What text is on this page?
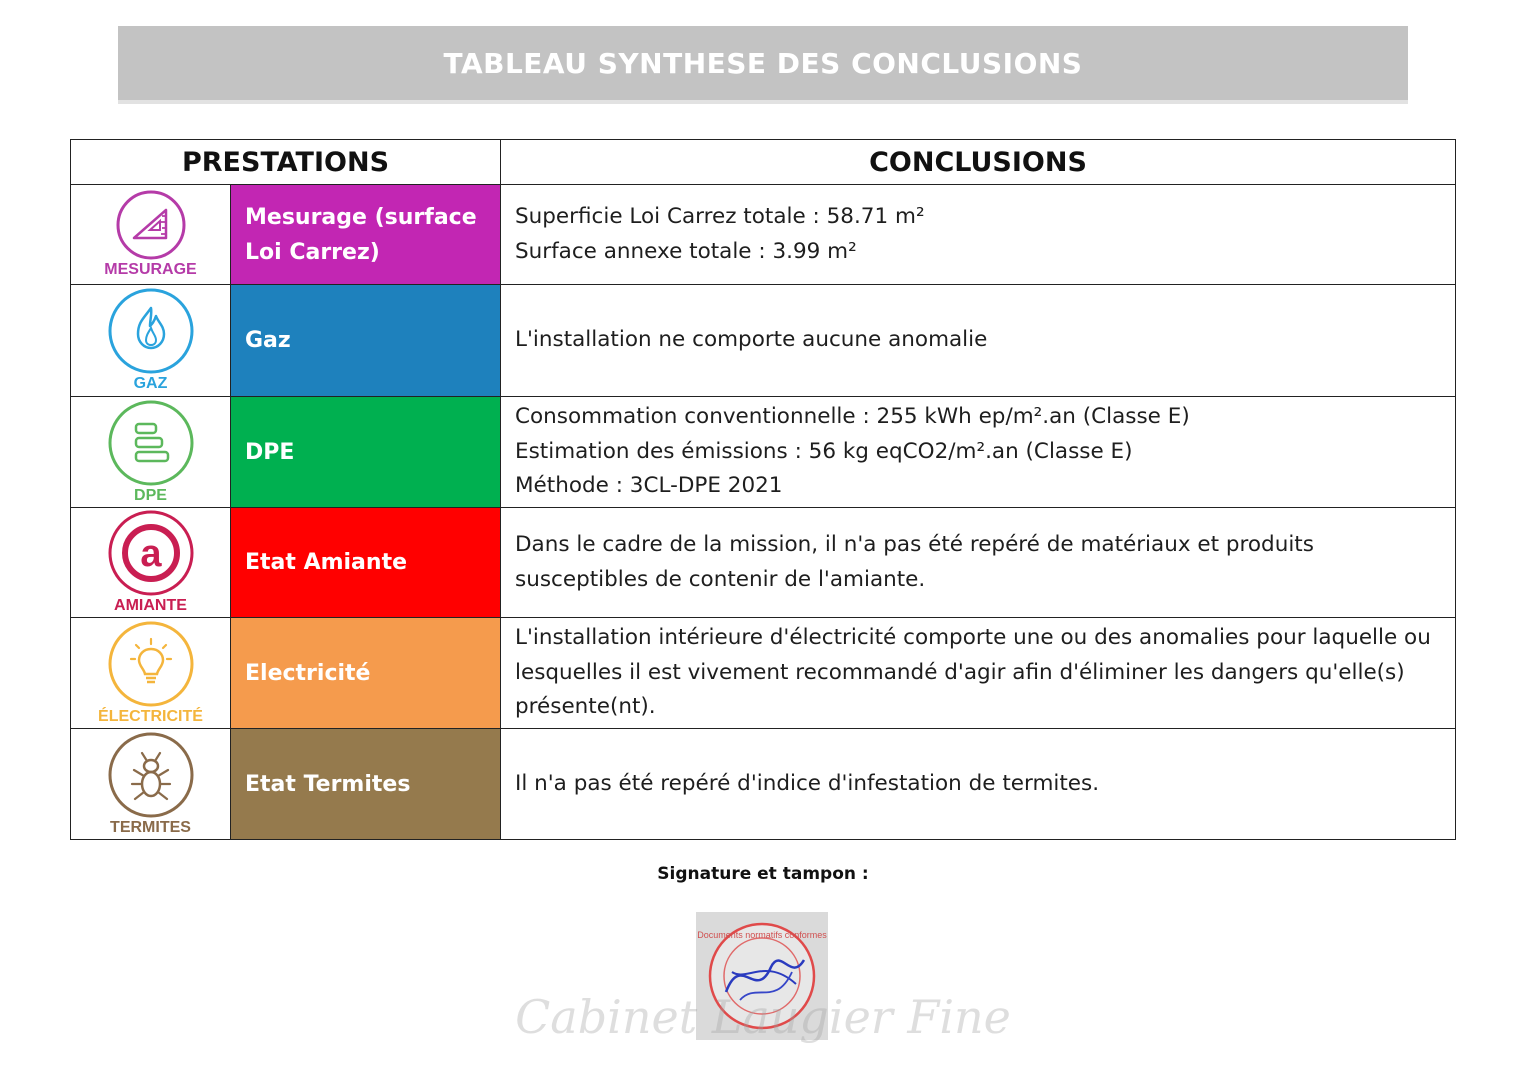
TABLEAU SYNTHESE DES CONCLUSIONS
PRESTATIONS		CONCLUSIONS

MESURAGE	Mesurage (surface Loi Carrez)	Superficie Loi Carrez totale : 58.71 m²
Surface annexe totale : 3.99 m²

GAZ	Gaz	L'installation ne comporte aucune anomalie

DPE	DPE	Consommation conventionnelle : 255 kWh ep/m².an (Classe E)
Estimation des émissions : 56 kg eqCO2/m².an (Classe E)
Méthode : 3CL-DPE 2021

a
AMIANTE	Etat Amiante	Dans le cadre de la mission, il n'a pas été repéré de matériaux et produits susceptibles de contenir de l'amiante.

ÉLECTRICITÉ	Electricité	L'installation intérieure d'électricité comporte une ou des anomalies pour laquelle ou lesquelles il est vivement recommandé d'agir afin d'éliminer les dangers qu'elle(s) présente(nt).

TERMITES	Etat Termites	Il n'a pas été repéré d'indice d'infestation de termites.
Signature et tampon :
Documents normatifs conformes
Cabinet Laugier Fine
